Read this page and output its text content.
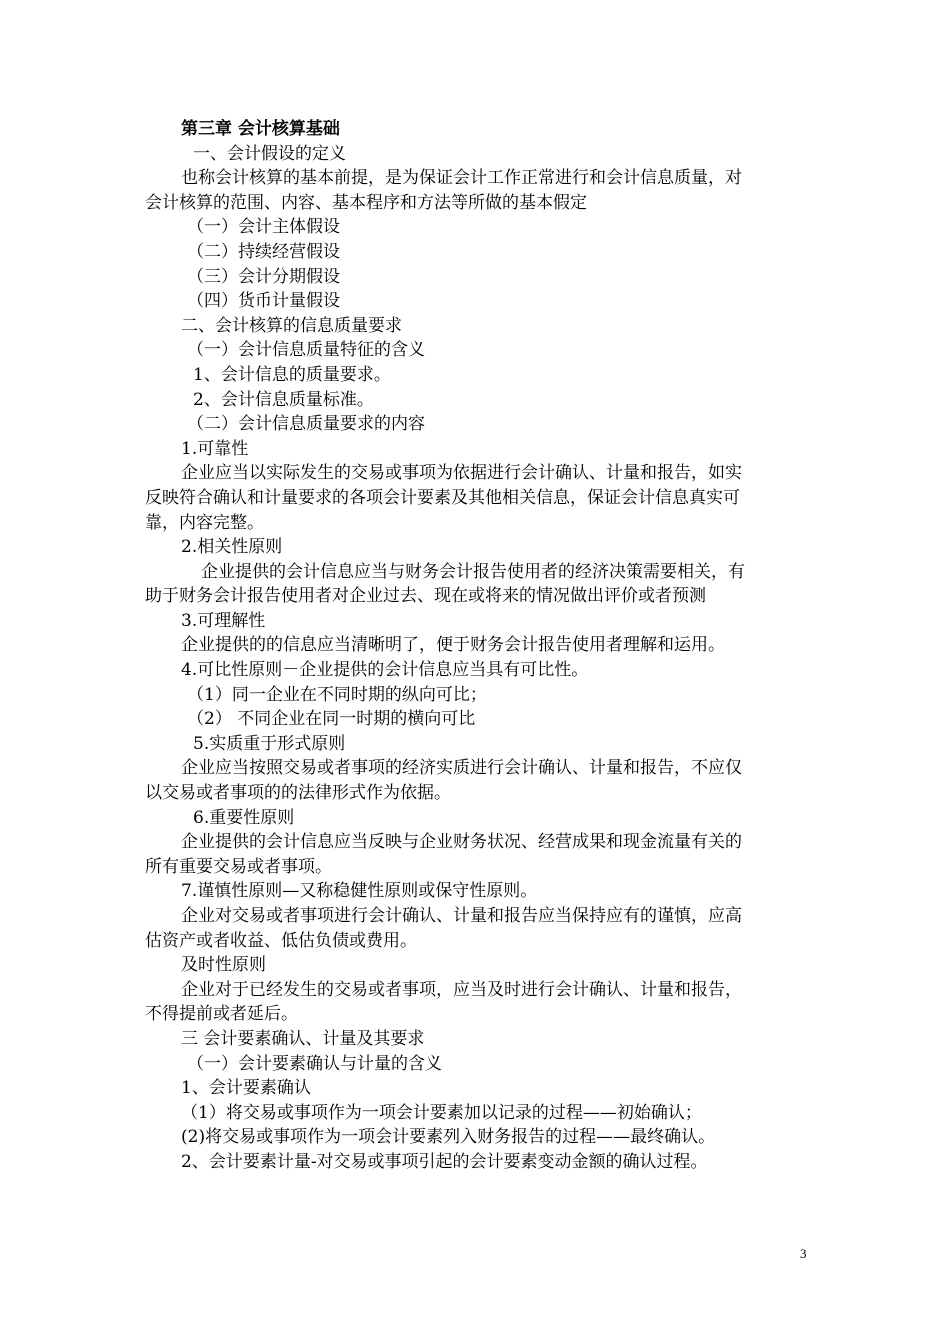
第三章 会计核算基础
一、会计假设的定义
也称会计核算的基本前提，是为保证会计工作正常进行和会计信息质量，对
会计核算的范围、内容、基本程序和方法等所做的基本假定
（一）会计主体假设
（二）持续经营假设
（三）会计分期假设
（四）货币计量假设
二、会计核算的信息质量要求
（一）会计信息质量特征的含义
1、会计信息的质量要求。
2、会计信息质量标准。
（二）会计信息质量要求的内容
1.可靠性
企业应当以实际发生的交易或事项为依据进行会计确认、计量和报告，如实
反映符合确认和计量要求的各项会计要素及其他相关信息，保证会计信息真实可
靠，内容完整。
2.相关性原则
企业提供的会计信息应当与财务会计报告使用者的经济决策需要相关，有
助于财务会计报告使用者对企业过去、现在或将来的情况做出评价或者预测
3.可理解性
企业提供的的信息应当清晰明了，便于财务会计报告使用者理解和运用。
4.可比性原则－企业提供的会计信息应当具有可比性。
（1）同一企业在不同时期的纵向可比；
（2） 不同企业在同一时期的横向可比
5.实质重于形式原则
企业应当按照交易或者事项的经济实质进行会计确认、计量和报告，不应仅
以交易或者事项的的法律形式作为依据。
6.重要性原则
企业提供的会计信息应当反映与企业财务状况、经营成果和现金流量有关的
所有重要交易或者事项。
7.谨慎性原则—又称稳健性原则或保守性原则。
企业对交易或者事项进行会计确认、计量和报告应当保持应有的谨慎，应高
估资产或者收益、低估负债或费用。
及时性原则
企业对于已经发生的交易或者事项，应当及时进行会计确认、计量和报告，
不得提前或者延后。
三 会计要素确认、计量及其要求
（一）会计要素确认与计量的含义
1、会计要素确认
（1）将交易或事项作为一项会计要素加以记录的过程——初始确认；
(2)将交易或事项作为一项会计要素列入财务报告的过程——最终确认。
2、会计要素计量-对交易或事项引起的会计要素变动金额的确认过程。
3
